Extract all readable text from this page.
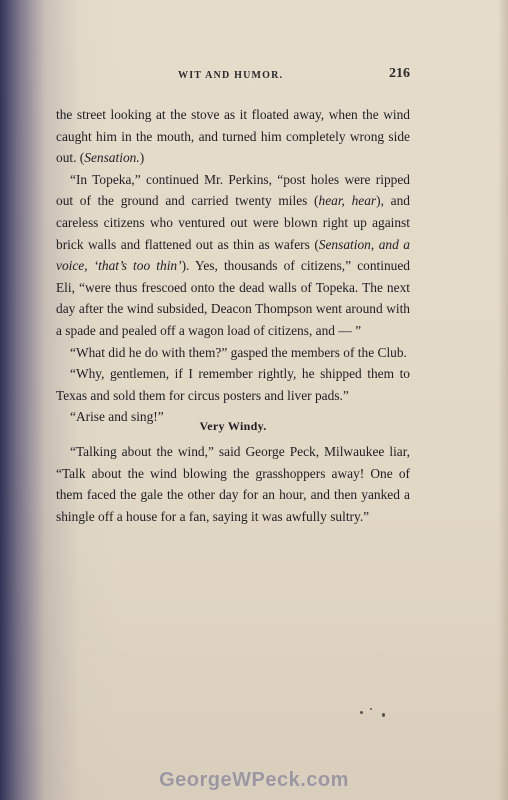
WIT AND HUMOR.	216

the street looking at the stove as it floated away, when the wind caught him in the mouth, and turned him completely wrong side out. (Sensation.)

“In Topeka,” continued Mr. Perkins, “post holes were ripped out of the ground and carried twenty miles (hear, hear), and careless citizens who ventured out were blown right up against brick walls and flattened out as thin as wafers (Sensation, and a voice, ‘that’s too thin’). Yes, thousands of citizens,” continued Eli, “were thus frescoed onto the dead walls of Topeka. The next day after the wind subsided, Deacon Thompson went around with a spade and pealed off a wagon load of citizens, and — ”

“What did he do with them?” gasped the members of the Club.

“Why, gentlemen, if I remember rightly, he shipped them to Texas and sold them for circus posters and liver pads.”

“Arise and sing!”

Very Windy.

“Talking about the wind,” said George Peck, Milwaukee liar, “Talk about the wind blowing the grasshoppers away! One of them faced the gale the other day for an hour, and then yanked a shingle off a house for a fan, saying it was awfully sultry.”

GeorgeWPeck.com
